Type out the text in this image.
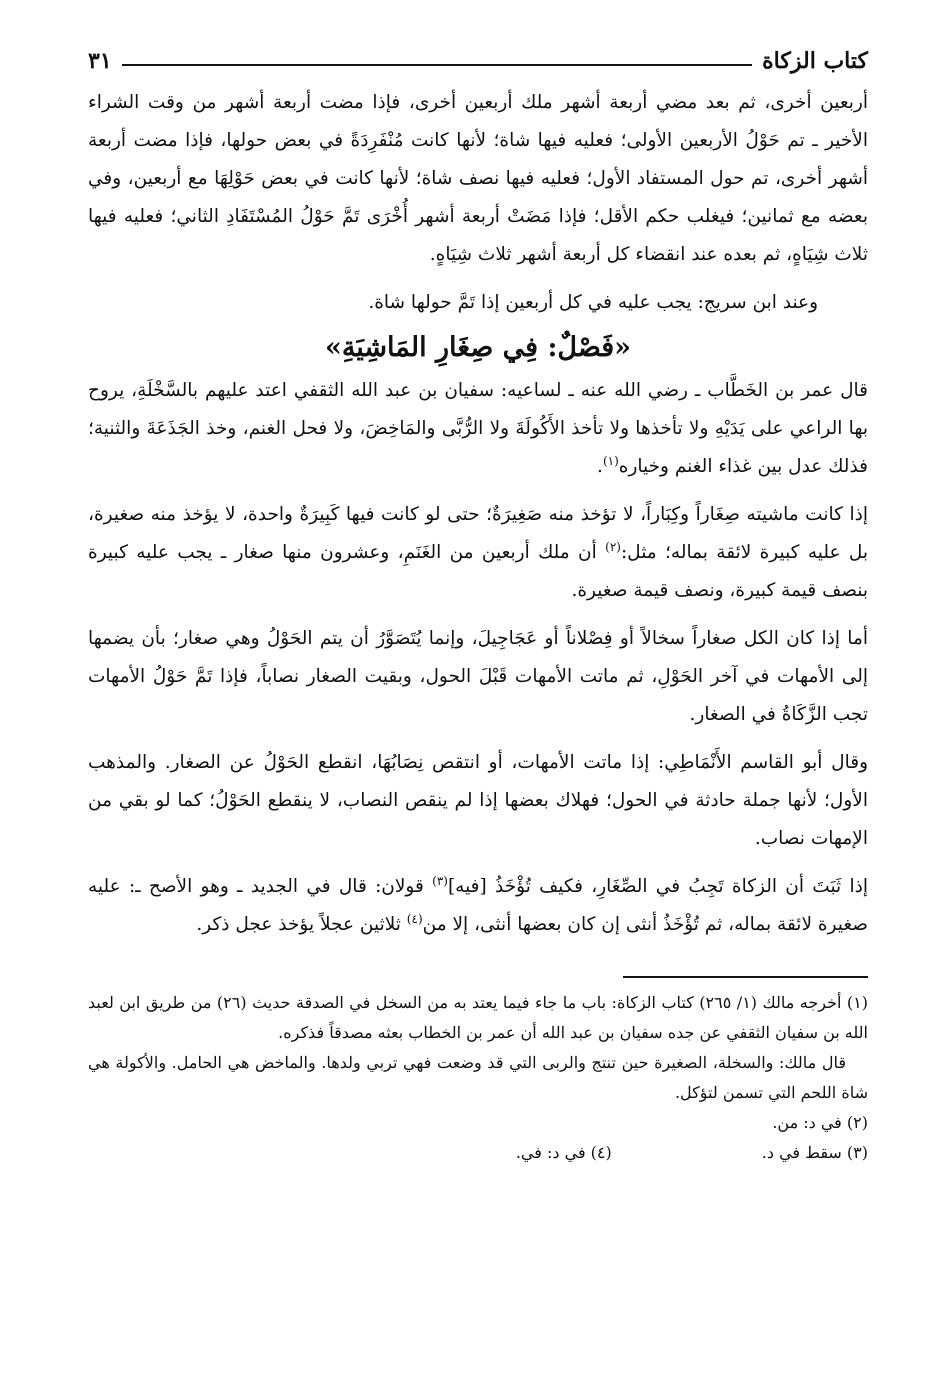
كتاب الزكاة
٣١

أربعين أخرى، ثم بعد مضي أربعة أشهر ملك أربعين أخرى، فإذا مضت أربعة أشهر من وقت الشراء الأخير ـ تم حَوْلُ الأربعين الأولى؛ فعليه فيها شاة؛ لأنها كانت مُنْفَرِدَةً في بعض حولها، فإذا مضت أربعة أشهر أخرى، تم حول المستفاد الأول؛ فعليه فيها نصف شاة؛ لأنها كانت في بعض حَوْلِهَا مع أربعين، وفي بعضه مع ثمانين؛ فيغلب حكم الأقل؛ فإذا مَضَتْ أربعة أشهر أُخْرَى تَمَّ حَوْلُ المُسْتَفَادِ الثاني؛ فعليه فيها ثلاث شِيَاهٍ، ثم بعده عند انقضاء كل أربعة أشهر ثلاث شِيَاهٍ.

وعند ابن سريج: يجب عليه في كل أربعين إذا تَمَّ حولها شاة.

«فَصْلٌ: فِي صِغَارِ المَاشِيَةِ»

قال عمر بن الخَطَّاب ـ رضي الله عنه ـ لساعيه: سفيان بن عبد الله الثقفي اعتد عليهم بالسَّخْلَةِ، يروح بها الراعي على يَدَيْهِ ولا تأخذها ولا تأخذ الأَكُولَةَ ولا الرُّبَّى والمَاخِضَ، ولا فحل الغنم، وخذ الجَذَعَةَ والثنية؛ فذلك عدل بين غذاء الغنم وخياره$^{(١)}$.

إذا كانت ماشيته صِغَاراً وكِبَاراً، لا تؤخذ منه صَغِيرَةٌ؛ حتى لو كانت فيها كَبِيرَةٌ واحدة، لا يؤخذ منه صغيرة، بل عليه كبيرة لائقة بماله؛ مثل:$^{(٢)}$ أن ملك أربعين من الغَنَمِ، وعشرون منها صغار ـ يجب عليه كبيرة بنصف قيمة كبيرة، ونصف قيمة صغيرة.

أما إذا كان الكل صغاراً سخالاً أو فِصْلاناً أو عَجَاجِيلَ، وإنما يُتَصَوَّرُ أن يتم الحَوْلُ وهي صغار؛ بأن يضمها إلى الأمهات في آخر الحَوْلِ، ثم ماتت الأمهات قَبْلَ الحول، وبقيت الصغار نصاباً، فإذا تَمَّ حَوْلُ الأمهات تجب الزَّكَاةُ في الصغار.

وقال أبو القاسم الأَنْمَاطِي: إذا ماتت الأمهات، أو انتقص نِصَابُهَا، انقطع الحَوْلُ عن الصغار. والمذهب الأول؛ لأنها جملة حادثة في الحول؛ فهلاك بعضها إذا لم ينقص النصاب، لا ينقطع الحَوْلُ؛ كما لو بقي من الإمهات نصاب.

إذا ثَبَتَ أن الزكاة تَجِبُ في الصِّغَارِ، فكيف تُؤْخَذُ [فيه]$^{(٣)}$ قولان: قال في الجديد ـ وهو الأصح ـ: عليه صغيرة لائقة بماله، ثم تُؤْخَذُ أنثى إن كان بعضها أنثى، إلا من$^{(٤)}$ ثلاثين عجلاً يؤخذ عجل ذكر.

(١) أخرجه مالك (١/ ٢٦٥) كتاب الزكاة: باب ما جاء فيما يعتد به من السخل في الصدقة حديث (٢٦) من طريق ابن لعبد الله بن سفيان الثقفي عن جده سفيان بن عبد الله أن عمر بن الخطاب بعثه مصدقاً فذكره.

قال مالك: والسخلة، الصغيرة حين تنتج والربى التي قد وضعت فهي تربي ولدها. والماخض هي الحامل. والأكولة هي شاة اللحم التي تسمن لتؤكل.

(٢) في د: من.

(٣) سقط في د.

(٤) في د: في.
